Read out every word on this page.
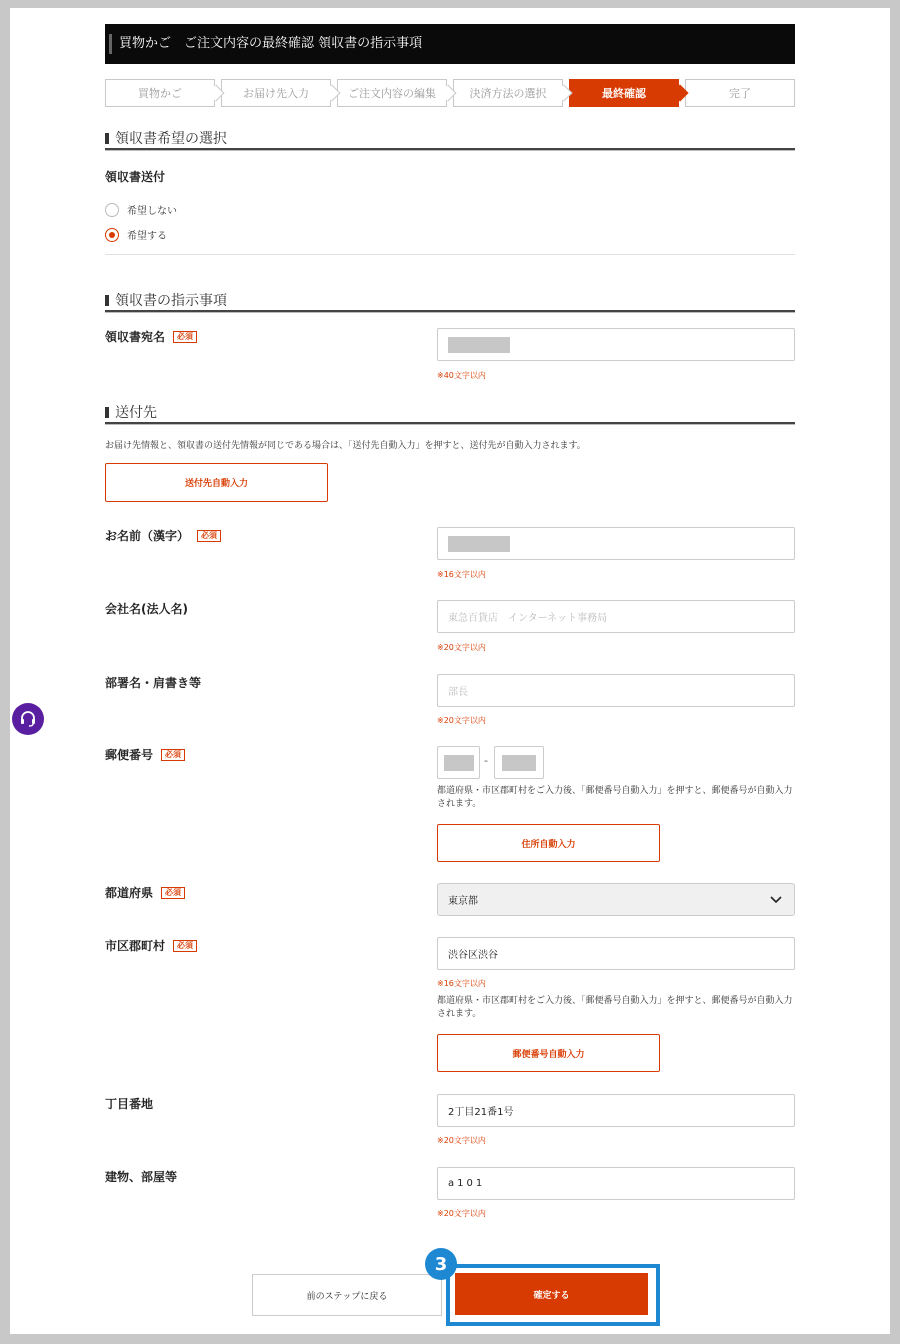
買物かご　ご注文内容の最終確認 領収書の指示事項
買物かご	お届け先入力	ご注文内容の編集	決済方法の選択	最終確認	完了
領収書希望の選択
領収書送付
希望しない
希望する
領収書の指示事項
領収書宛名 必須
※40文字以内
送付先
お届け先情報と、領収書の送付先情報が同じである場合は、「送付先自動入力」を押すと、送付先が自動入力されます。
送付先自動入力
お名前（漢字） 必須
※16文字以内
会社名(法人名)
東急百貨店　インターネット事務局
※20文字以内
部署名・肩書き等
部長
※20文字以内
郵便番号 必須	-
都道府県・市区郡町村をご入力後、「郵便番号自動入力」を押すと、郵便番号が自動入力されます。
住所自動入力
都道府県 必須
東京都
市区郡町村 必須
渋谷区渋谷
※16文字以内
都道府県・市区郡町村をご入力後、「郵便番号自動入力」を押すと、郵便番号が自動入力されます。
郵便番号自動入力
丁目番地
2丁目21番1号
※20文字以内
建物、部屋等	a101
※20文字以内
前のステップに戻る	確定する
3
